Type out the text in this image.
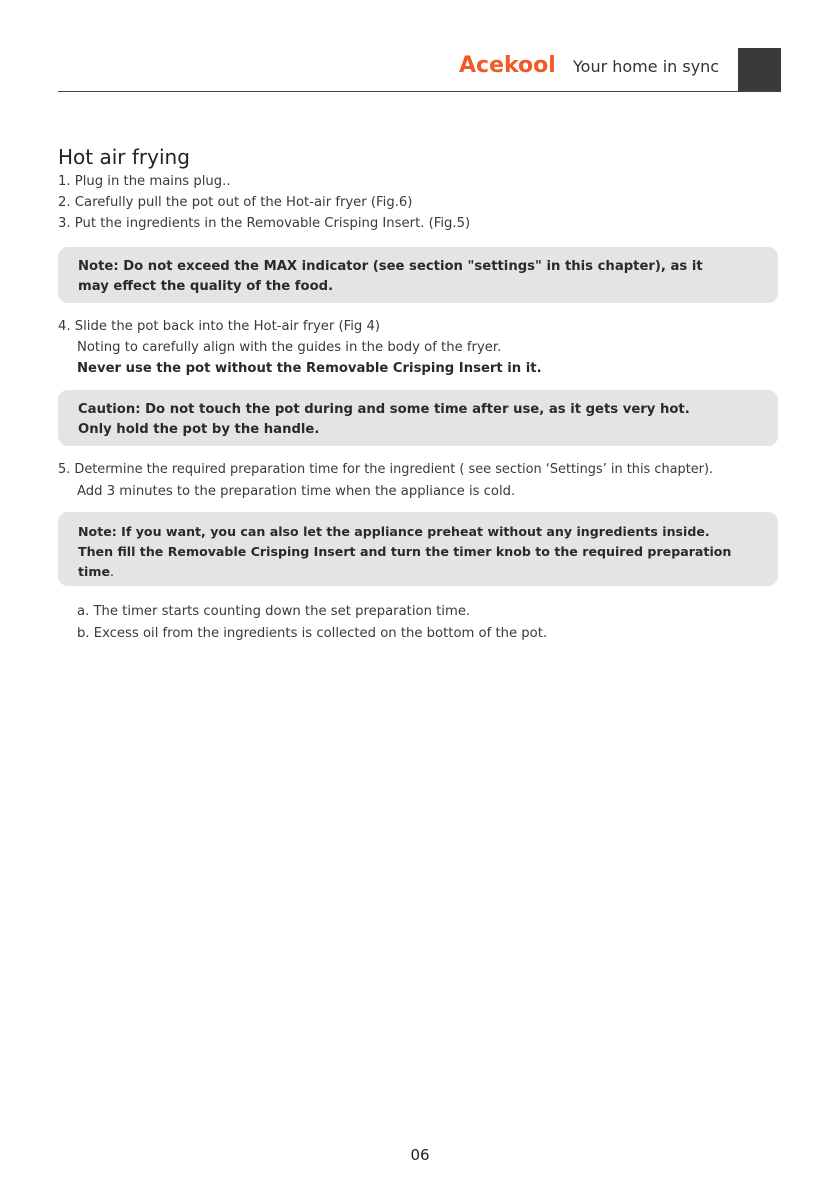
Acekool Your home in sync
Hot air frying
1. Plug in the mains plug..
2. Carefully pull the pot out of the Hot-air fryer (Fig.6)
3. Put the ingredients in the Removable Crisping Insert. (Fig.5)
Note: Do not exceed the MAX indicator (see section "settings" in this chapter), as it
may effect the quality of the food.
4. Slide the pot back into the Hot-air fryer (Fig 4)
Noting to carefully align with the guides in the body of the fryer.
Never use the pot without the Removable Crisping Insert in it.
Caution: Do not touch the pot during and some time after use, as it gets very hot.
Only hold the pot by the handle.
5. Determine the required preparation time for the ingredient ( see section ‘Settings’ in this chapter).
Add 3 minutes to the preparation time when the appliance is cold.
Note: If you want, you can also let the appliance preheat without any ingredients inside.
Then fill the Removable Crisping Insert and turn the timer knob to the required preparation
time.
a. The timer starts counting down the set preparation time.
b. Excess oil from the ingredients is collected on the bottom of the pot.
06
